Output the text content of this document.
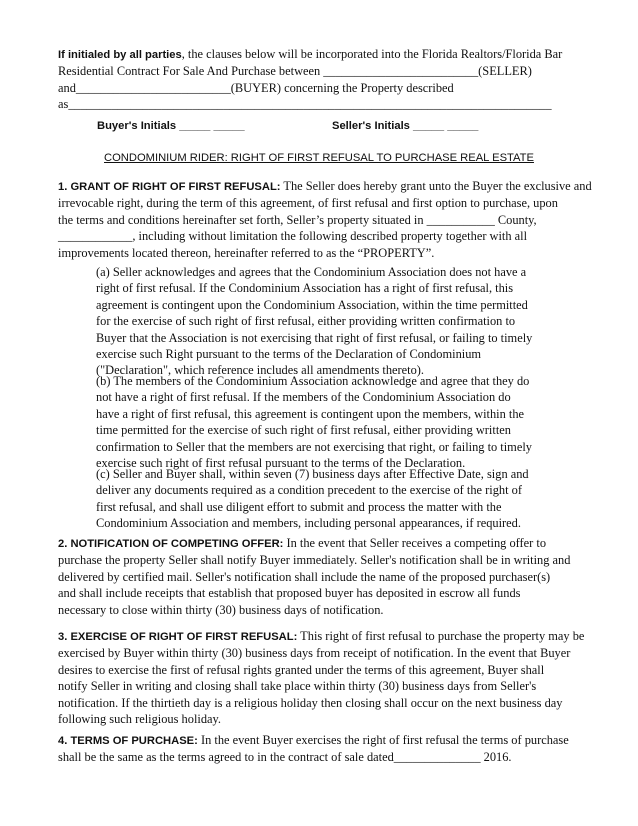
If initialed by all parties, the clauses below will be incorporated into the Florida Realtors/Florida Bar
Residential Contract For Sale And Purchase between _________________________(SELLER)
and_________________________(BUYER) concerning the Property described
as______________________________________________________________________________
Buyer's Initials _____ _____	Seller's Initials _____ _____
CONDOMINIUM RIDER: RIGHT OF FIRST REFUSAL TO PURCHASE REAL ESTATE
1. GRANT OF RIGHT OF FIRST REFUSAL: The Seller does hereby grant unto the Buyer the exclusive and
irrevocable right, during the term of this agreement, of first refusal and first option to purchase, upon
the terms and conditions hereinafter set forth, Seller’s property situated in ___________ County,
____________, including without limitation the following described property together with all
improvements located thereon, hereinafter referred to as the “PROPERTY”.
(a) Seller acknowledges and agrees that the Condominium Association does not have a
right of first refusal. If the Condominium Association has a right of first refusal, this
agreement is contingent upon the Condominium Association, within the time permitted
for the exercise of such right of first refusal, either providing written confirmation to
Buyer that the Association is not exercising that right of first refusal, or failing to timely
exercise such Right pursuant to the terms of the Declaration of Condominium
("Declaration", which reference includes all amendments thereto).
(b) The members of the Condominium Association acknowledge and agree that they do
not have a right of first refusal. If the members of the Condominium Association do
have a right of first refusal, this agreement is contingent upon the members, within the
time permitted for the exercise of such right of first refusal, either providing written
confirmation to Seller that the members are not exercising that right, or failing to timely
exercise such right of first refusal pursuant to the terms of the Declaration.
(c) Seller and Buyer shall, within seven (7) business days after Effective Date, sign and
deliver any documents required as a condition precedent to the exercise of the right of
first refusal, and shall use diligent effort to submit and process the matter with the
Condominium Association and members, including personal appearances, if required.
2. NOTIFICATION OF COMPETING OFFER: In the event that Seller receives a competing offer to
purchase the property Seller shall notify Buyer immediately. Seller's notification shall be in writing and
delivered by certified mail. Seller's notification shall include the name of the proposed purchaser(s)
and shall include receipts that establish that proposed buyer has deposited in escrow all funds
necessary to close within thirty (30) business days of notification.
3. EXERCISE OF RIGHT OF FIRST REFUSAL: This right of first refusal to purchase the property may be
exercised by Buyer within thirty (30) business days from receipt of notification. In the event that Buyer
desires to exercise the first of refusal rights granted under the terms of this agreement, Buyer shall
notify Seller in writing and closing shall take place within thirty (30) business days from Seller's
notification. If the thirtieth day is a religious holiday then closing shall occur on the next business day
following such religious holiday.
4. TERMS OF PURCHASE: In the event Buyer exercises the right of first refusal the terms of purchase
shall be the same as the terms agreed to in the contract of sale dated______________ 2016.
